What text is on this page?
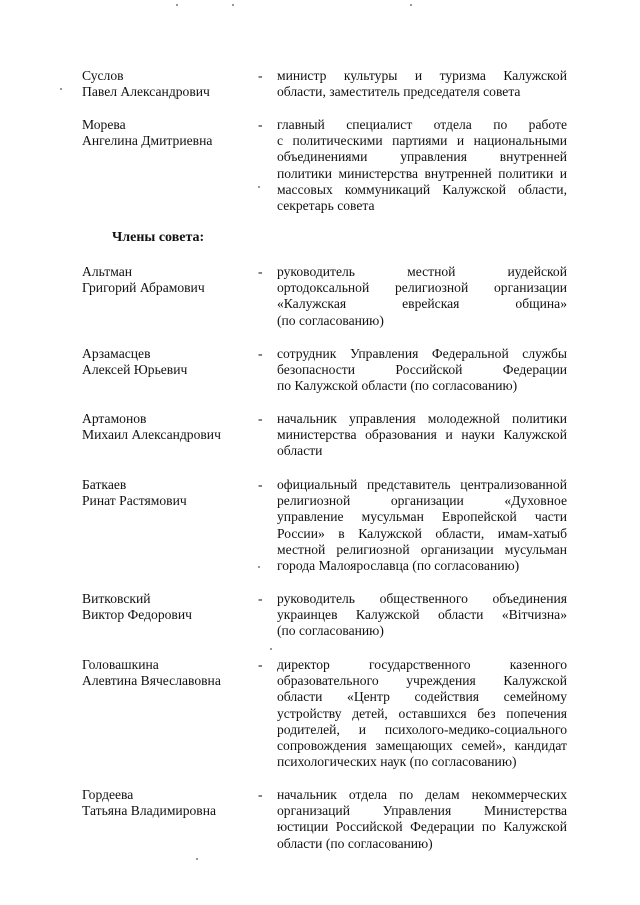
Суслов
Павел Александрович
- министр культуры и туризма Калужской
области, заместитель председателя совета
Морева
Ангелина Дмитриевна
- главный специалист отдела по работе
с политическими партиями и национальными
объединениями управления внутренней
политики министерства внутренней политики и
массовых коммуникаций Калужской области,
секретарь совета
Члены совета:
Альтман
Григорий Абрамович
- руководитель местной иудейской
ортодоксальной религиозной организации
«Калужская еврейская община»
(по согласованию)
Арзамасцев
Алексей Юрьевич
- сотрудник Управления Федеральной службы
безопасности Российской Федерации
по Калужской области (по согласованию)
Артамонов
Михаил Александрович
- начальник управления молодежной политики
министерства образования и науки Калужской
области
Баткаев
Ринат Растямович
- официальный представитель централизованной
религиозной организации «Духовное
управление мусульман Европейской части
России» в Калужской области, имам-хатыб
местной религиозной организации мусульман
города Малоярославца (по согласованию)
Витковский
Виктор Федорович
- руководитель общественного объединения
украинцев Калужской области «Вітчизна»
(по согласованию)
Головашкина
Алевтина Вячеславовна
- директор государственного казенного
образовательного учреждения Калужской
области «Центр содействия семейному
устройству детей, оставшихся без попечения
родителей, и психолого-медико-социального
сопровождения замещающих семей», кандидат
психологических наук (по согласованию)
Гордеева
Татьяна Владимировна
- начальник отдела по делам некоммерческих
организаций Управления Министерства
юстиции Российской Федерации по Калужской
области (по согласованию)
